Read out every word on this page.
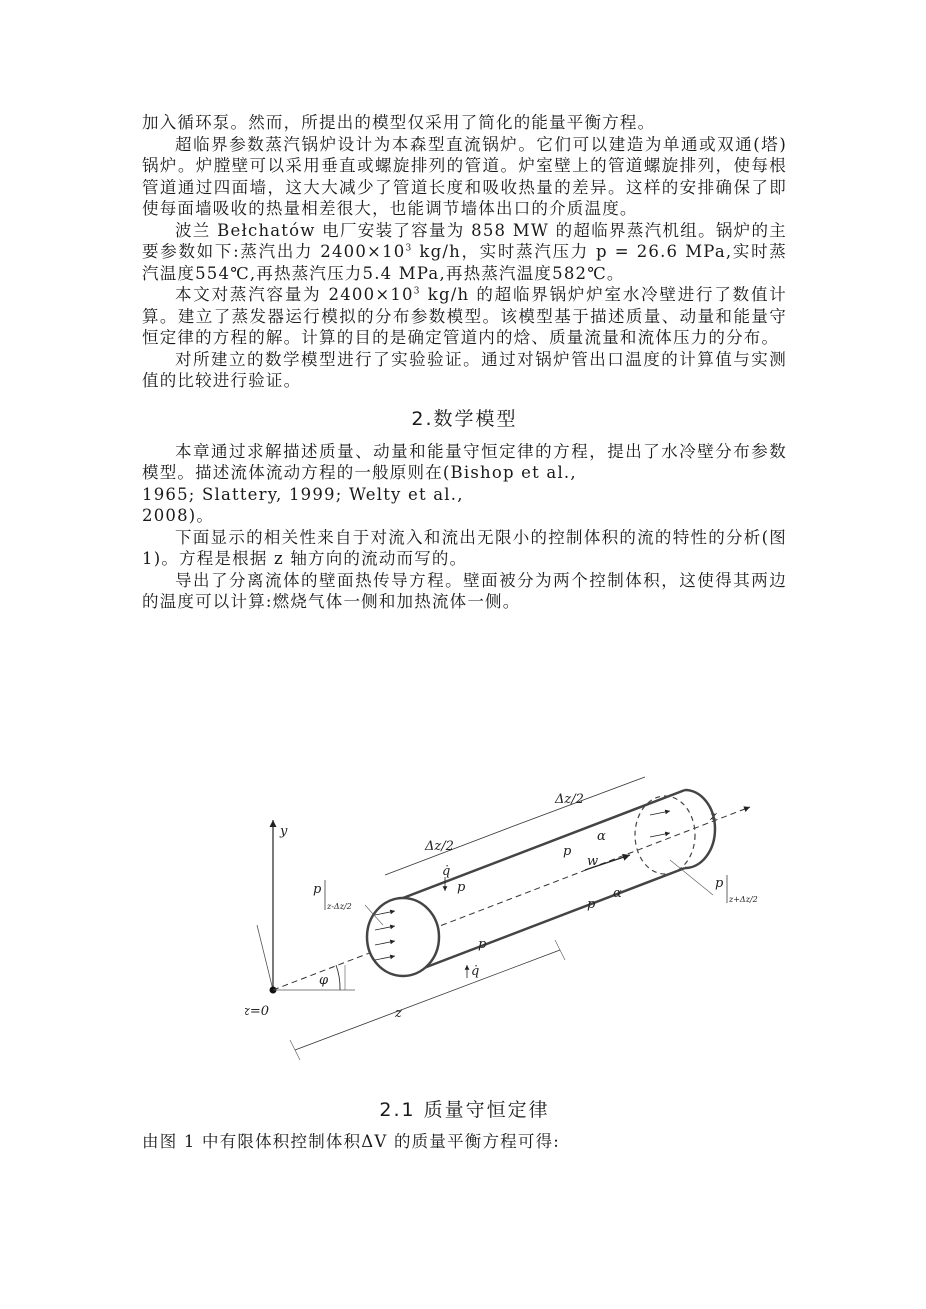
加入循环泵。然而，所提出的模型仅采用了简化的能量平衡方程。

超临界参数蒸汽锅炉设计为本森型直流锅炉。它们可以建造为单通或双通(塔)锅炉。炉膛壁可以采用垂直或螺旋排列的管道。炉室壁上的管道螺旋排列，使每根管道通过四面墙，这大大减少了管道长度和吸收热量的差异。这样的安排确保了即使每面墙吸收的热量相差很大，也能调节墙体出口的介质温度。

波兰 Bełchatów 电厂安装了容量为 858 MW 的超临界蒸汽机组。锅炉的主要参数如下:蒸汽出力 $2400\times 10^3$ kg/h，实时蒸汽压力 p = 26.6 MPa,实时蒸汽温度554℃,再热蒸汽压力5.4 MPa,再热蒸汽温度582℃。

本文对蒸汽容量为 $2400\times 10^3$ kg/h 的超临界锅炉炉室水冷壁进行了数值计算。建立了蒸发器运行模拟的分布参数模型。该模型基于描述质量、动量和能量守恒定律的方程的解。计算的目的是确定管道内的焓、质量流量和流体压力的分布。

对所建立的数学模型进行了实验验证。通过对锅炉管出口温度的计算值与实测值的比较进行验证。

2.数学模型
本章通过求解描述质量、动量和能量守恒定律的方程，提出了水冷壁分布参数模型。描述流体流动方程的一般原则在(Bishop et al.,
1965; Slattery, 1999; Welty et al.,
2008)。

下面显示的相关性来自于对流入和流出无限小的控制体积的流的特性的分析(图 1)。方程是根据 z 轴方向的流动而写的。

导出了分离流体的壁面热传导方程。壁面被分为两个控制体积，这使得其两边的温度可以计算:燃烧气体一侧和加热流体一侧。

y
z=0
z
φ
p
z-Δz/2
p
z+Δz/2
Δz/2
Δz/2
q̇
p
p
p
p
q̇
w
α
α
z
2.1 质量守恒定律

由图 1 中有限体积控制体积ΔV 的质量平衡方程可得:
